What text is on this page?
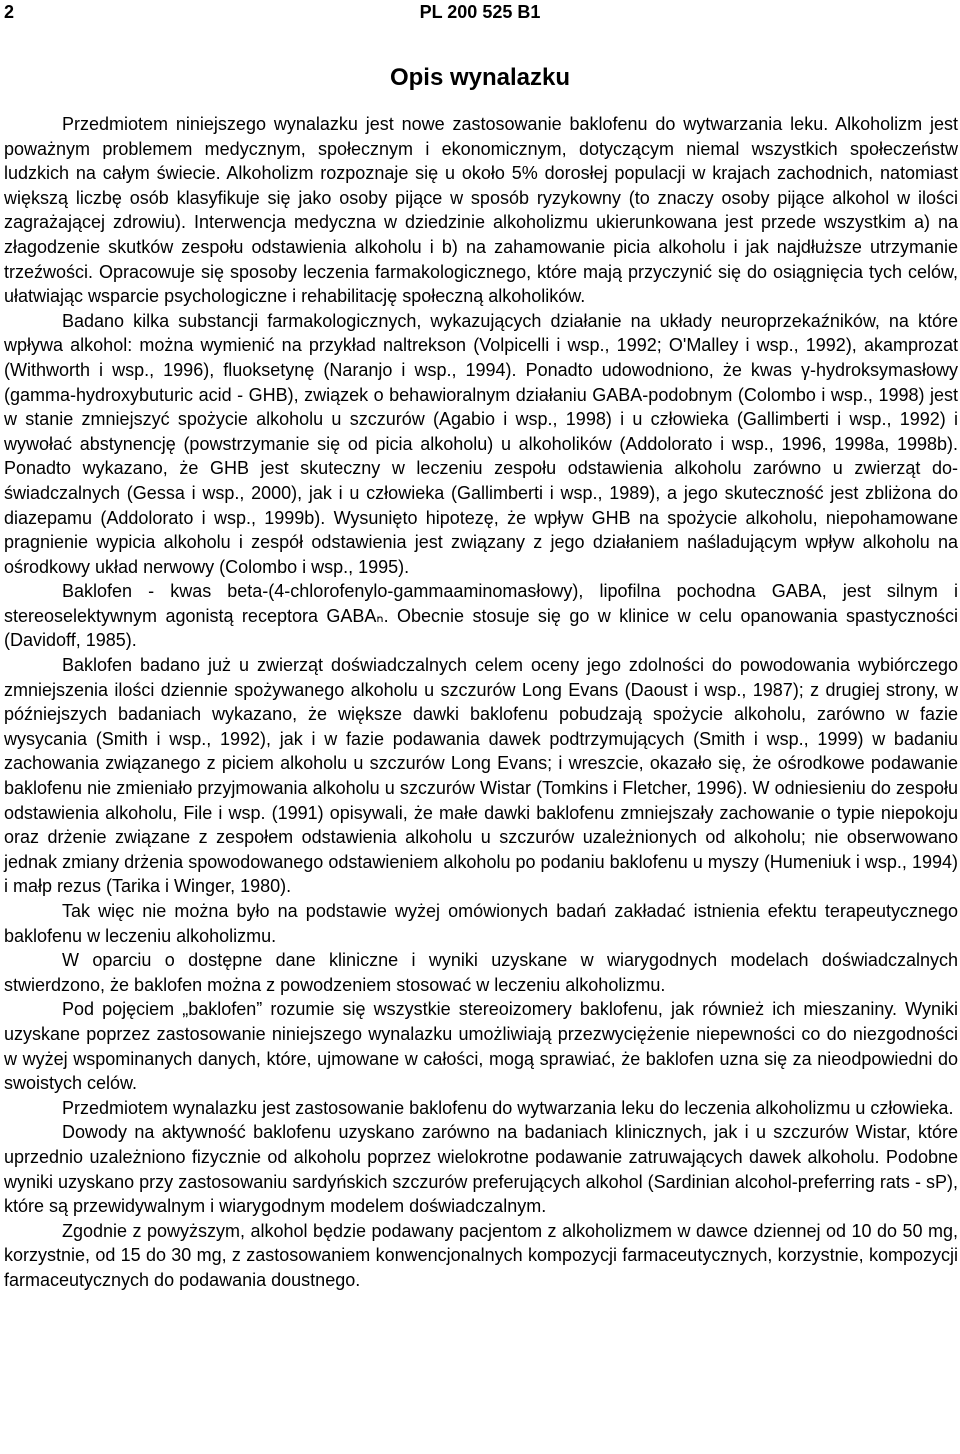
2	PL 200 525 B1
Opis wynalazku

Przedmiotem niniejszego wynalazku jest nowe zastosowanie baklofenu do wytwarzania leku. Alkoholizm jest poważnym problemem medycznym, społecznym i ekonomicznym, dotyczącym niemal wszystkich społeczeństw ludzkich na całym świecie. Alkoholizm rozpoznaje się u około 5% dorosłej populacji w krajach zachodnich, natomiast większą liczbę osób klasyfikuje się jako osoby pijące w sposób ryzykowny (to znaczy osoby pijące alkohol w ilości zagrażającej zdrowiu). Interwencja medyczna w dziedzinie alkoholizmu ukierunkowana jest przede wszystkim a) na złagodzenie skutków zespołu odstawienia alkoholu i b) na zahamowanie picia alkoholu i jak najdłuższe utrzymanie trzeźwości. Opracowuje się sposoby leczenia farmakologicznego, które mają przyczynić się do osiągnięcia tych celów, ułatwiając wsparcie psychologiczne i rehabilitację społeczną alkoholików.

Badano kilka substancji farmakologicznych, wykazujących działanie na układy neuroprzekaźników, na które wpływa alkohol: można wymienić na przykład naltrekson (Volpicelli i wsp., 1992; O'Malley i wsp., 1992), akamprozat (Withworth i wsp., 1996), fluoksetynę (Naranjo i wsp., 1994). Ponadto udowodniono, że kwas γ-hydroksymasłowy (gamma-hydroxybuturic acid - GHB), związek o behawioralnym działaniu GABA-podobnym (Colombo i wsp., 1998) jest w stanie zmniejszyć spożycie alkoholu u szczurów (Agabio i wsp., 1998) i u człowieka (Gallimberti i wsp., 1992) i wywołać abstynencję (powstrzymanie się od picia alkoholu) u alkoholików (Addolorato i wsp., 1996, 1998a, 1998b). Ponadto wykazano, że GHB jest skuteczny w leczeniu zespołu odstawienia alkoholu zarówno u zwierząt doświadczalnych (Gessa i wsp., 2000), jak i u człowieka (Gallimberti i wsp., 1989), a jego skuteczność jest zbliżona do diazepamu (Addolorato i wsp., 1999b). Wysunięto hipotezę, że wpływ GHB na spożycie alkoholu, niepohamowane pragnienie wypicia alkoholu i zespół odstawienia jest związany z jego działaniem naśladującym wpływ alkoholu na ośrodkowy układ nerwowy (Colombo i wsp., 1995).

Baklofen - kwas beta-(4-chlorofenylo-gammaaminomasłowy), lipofilna pochodna GABA, jest silnym i stereoselektywnym agonistą receptora GABAₙ. Obecnie stosuje się go w klinice w celu opanowania spastyczności (Davidoff, 1985).

Baklofen badano już u zwierząt doświadczalnych celem oceny jego zdolności do powodowania wybiórczego zmniejszenia ilości dziennie spożywanego alkoholu u szczurów Long Evans (Daoust i wsp., 1987); z drugiej strony, w późniejszych badaniach wykazano, że większe dawki baklofenu pobudzają spożycie alkoholu, zarówno w fazie wysycania (Smith i wsp., 1992), jak i w fazie podawania dawek podtrzymujących (Smith i wsp., 1999) w badaniu zachowania związanego z piciem alkoholu u szczurów Long Evans; i wreszcie, okazało się, że ośrodkowe podawanie baklofenu nie zmieniało przyjmowania alkoholu u szczurów Wistar (Tomkins i Fletcher, 1996). W odniesieniu do zespołu odstawienia alkoholu, File i wsp. (1991) opisywali, że małe dawki baklofenu zmniejszały zachowanie o typie niepokoju oraz drżenie związane z zespołem odstawienia alkoholu u szczurów uzależnionych od alkoholu; nie obserwowano jednak zmiany drżenia spowodowanego odstawieniem alkoholu po podaniu baklofenu u myszy (Humeniuk i wsp., 1994) i małp rezus (Tarika i Winger, 1980).

Tak więc nie można było na podstawie wyżej omówionych badań zakładać istnienia efektu terapeutycznego baklofenu w leczeniu alkoholizmu.

W oparciu o dostępne dane kliniczne i wyniki uzyskane w wiarygodnych modelach doświadczalnych stwierdzono, że baklofen można z powodzeniem stosować w leczeniu alkoholizmu.

Pod pojęciem „baklofen” rozumie się wszystkie stereoizomery baklofenu, jak również ich mieszaniny. Wyniki uzyskane poprzez zastosowanie niniejszego wynalazku umożliwiają przezwyciężenie niepewności co do niezgodności w wyżej wspominanych danych, które, ujmowane w całości, mogą sprawiać, że baklofen uzna się za nieodpowiedni do swoistych celów.

Przedmiotem wynalazku jest zastosowanie baklofenu do wytwarzania leku do leczenia alkoholizmu u człowieka.

Dowody na aktywność baklofenu uzyskano zarówno na badaniach klinicznych, jak i u szczurów Wistar, które uprzednio uzależniono fizycznie od alkoholu poprzez wielokrotne podawanie zatruwających dawek alkoholu. Podobne wyniki uzyskano przy zastosowaniu sardyńskich szczurów preferujących alkohol (Sardinian alcohol-preferring rats - sP), które są przewidywalnym i wiarygodnym modelem doświadczalnym.

Zgodnie z powyższym, alkohol będzie podawany pacjentom z alkoholizmem w dawce dziennej od 10 do 50 mg, korzystnie, od 15 do 30 mg, z zastosowaniem konwencjonalnych kompozycji farmaceutycznych, korzystnie, kompozycji farmaceutycznych do podawania doustnego.
